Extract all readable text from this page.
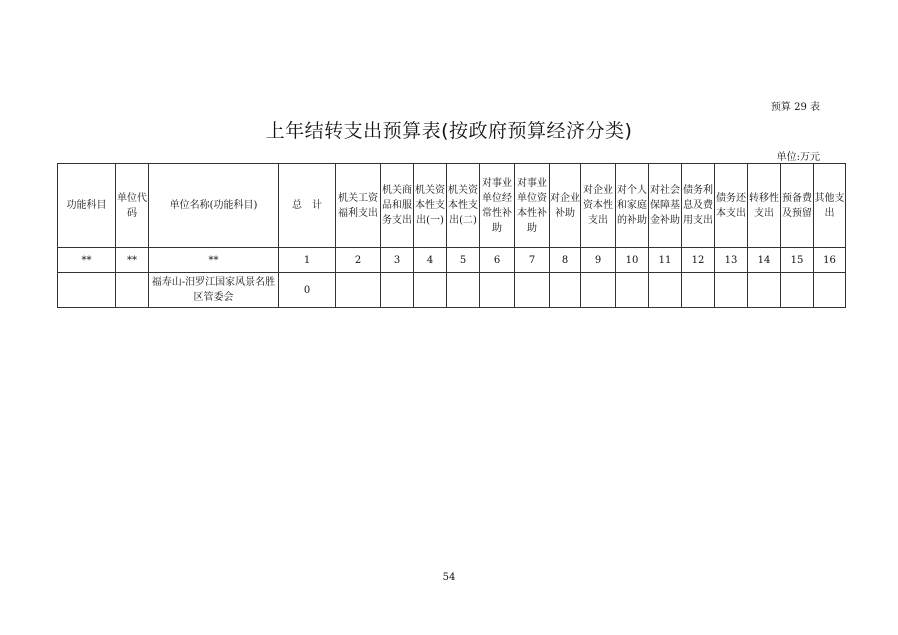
预算 29 表
上年结转支出预算表(按政府预算经济分类)
单位:万元
功能科目	单位代码	单位名称(功能科目)	总　计	机关工资福利支出	机关商品和服务支出	机关资本性支出(一)	机关资本性支出(二)	对事业单位经常性补助	对事业单位资本性补助	对企业补助	对企业资本性支出	对个人和家庭的补助	对社会保障基金补助	债务利息及费用支出	债务还本支出	转移性支出	预备费及预留	其他支出
**	**	**	1	2	3	4	5	6	7	8	9	10	11	12	13	14	15	16
		福寿山-汨罗江国家风景名胜区管委会	0															
54
